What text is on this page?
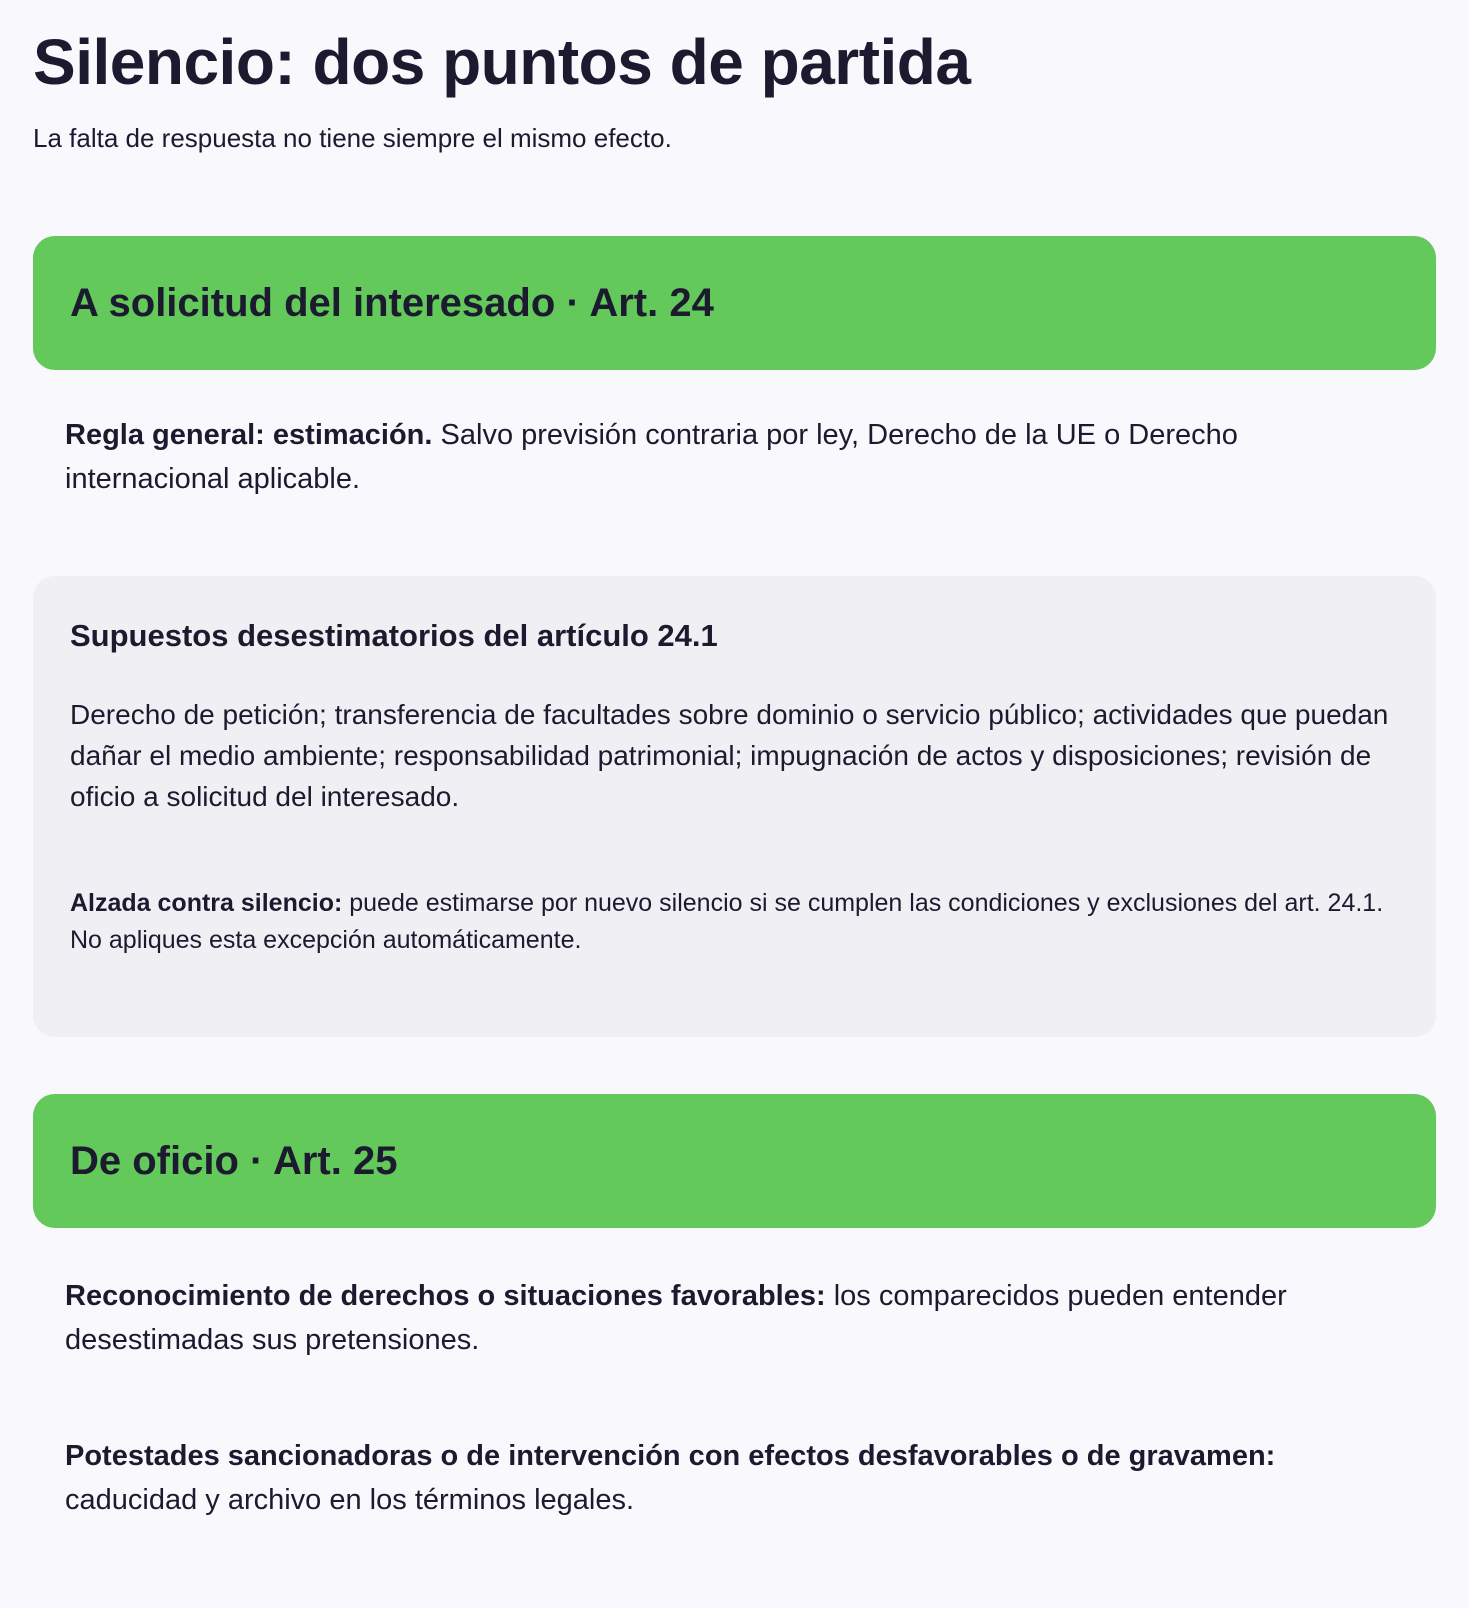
Silencio: dos puntos de partida

La falta de respuesta no tiene siempre el mismo efecto.

A solicitud del interesado · Art. 24

Regla general: estimación. Salvo previsión contraria por ley, Derecho de la UE o Derecho internacional aplicable.

Supuestos desestimatorios del artículo 24.1

Derecho de petición; transferencia de facultades sobre dominio o servicio público; actividades que puedan dañar el medio ambiente; responsabilidad patrimonial; impugnación de actos y disposiciones; revisión de oficio a solicitud del interesado.

Alzada contra silencio: puede estimarse por nuevo silencio si se cumplen las condiciones y exclusiones del art. 24.1. No apliques esta excepción automáticamente.

De oficio · Art. 25

Reconocimiento de derechos o situaciones favorables: los comparecidos pueden entender desestimadas sus pretensiones.

Potestades sancionadoras o de intervención con efectos desfavorables o de gravamen: caducidad y archivo en los términos legales.
